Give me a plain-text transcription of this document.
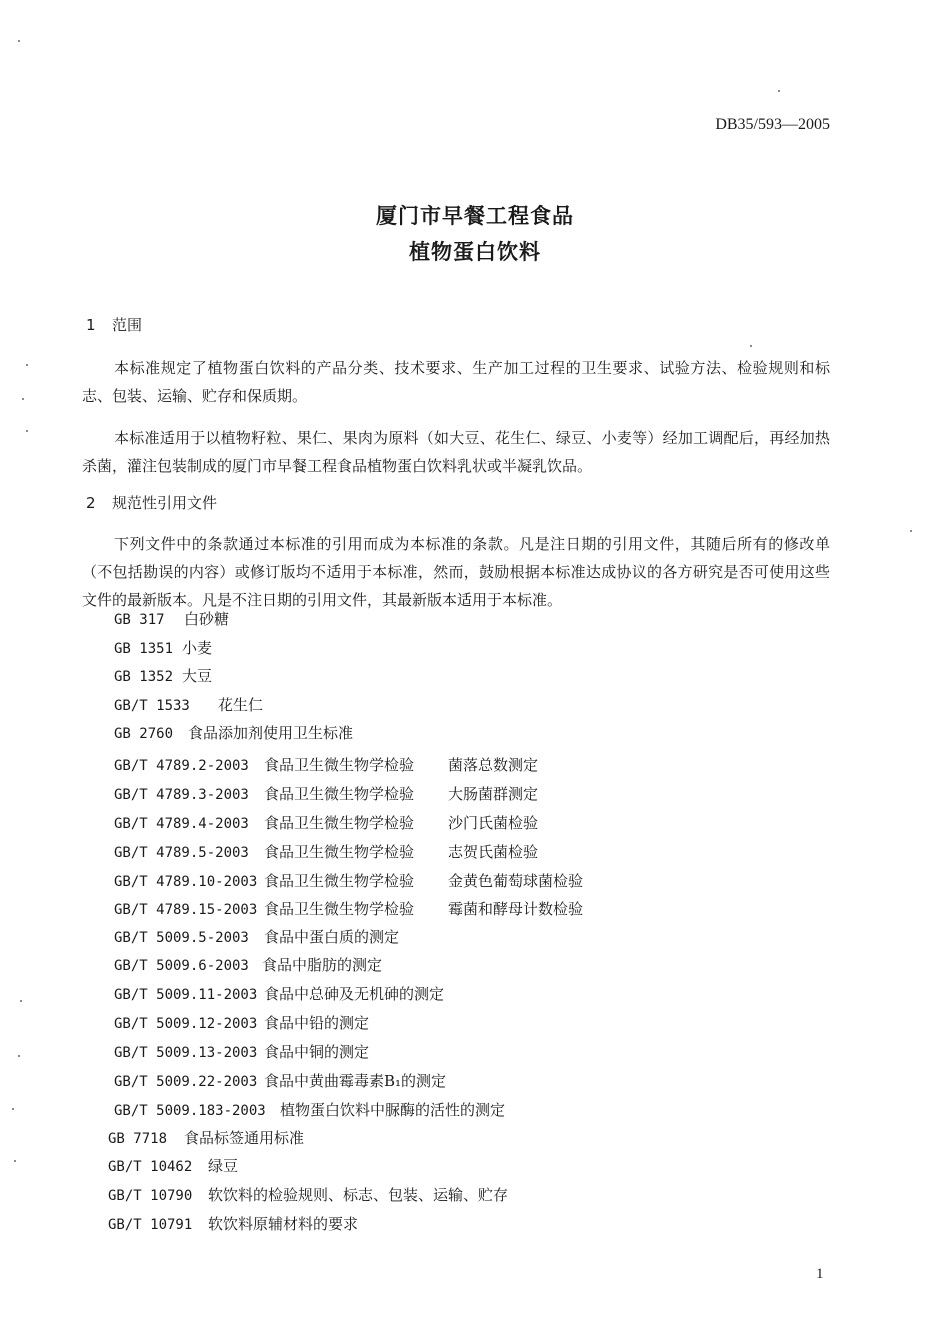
DB35/593—2005
厦门市早餐工程食品
植物蛋白饮料
1 范围
本标准规定了植物蛋白饮料的产品分类、技术要求、生产加工过程的卫生要求、试验方法、检验规则和标志、包装、运输、贮存和保质期。
本标准适用于以植物籽粒、果仁、果肉为原料（如大豆、花生仁、绿豆、小麦等）经加工调配后，再经加热杀菌，灌注包装制成的厦门市早餐工程食品植物蛋白饮料乳状或半凝乳饮品。
2 规范性引用文件
下列文件中的条款通过本标准的引用而成为本标准的条款。凡是注日期的引用文件，其随后所有的修改单（不包括勘误的内容）或修订版均不适用于本标准，然而，鼓励根据本标准达成协议的各方研究是否可使用这些文件的最新版本。凡是不注日期的引用文件，其最新版本适用于本标准。
GB 317 白砂糖
GB 1351 小麦
GB 1352 大豆
GB/T 1533 花生仁
GB 2760 食品添加剂使用卫生标准
GB/T 4789.2-2003 食品卫生微生物学检验 菌落总数测定
GB/T 4789.3-2003 食品卫生微生物学检验 大肠菌群测定
GB/T 4789.4-2003 食品卫生微生物学检验 沙门氏菌检验
GB/T 4789.5-2003 食品卫生微生物学检验 志贺氏菌检验
GB/T 4789.10-2003 食品卫生微生物学检验 金黄色葡萄球菌检验
GB/T 4789.15-2003 食品卫生微生物学检验 霉菌和酵母计数检验
GB/T 5009.5-2003 食品中蛋白质的测定
GB/T 5009.6-2003 食品中脂肪的测定
GB/T 5009.11-2003 食品中总砷及无机砷的测定
GB/T 5009.12-2003 食品中铅的测定
GB/T 5009.13-2003 食品中铜的测定
GB/T 5009.22-2003 食品中黄曲霉毒素B₁的测定
GB/T 5009.183-2003 植物蛋白饮料中脲酶的活性的测定
GB 7718 食品标签通用标准
GB/T 10462 绿豆
GB/T 10790 软饮料的检验规则、标志、包装、运输、贮存
GB/T 10791 软饮料原辅材料的要求
1
